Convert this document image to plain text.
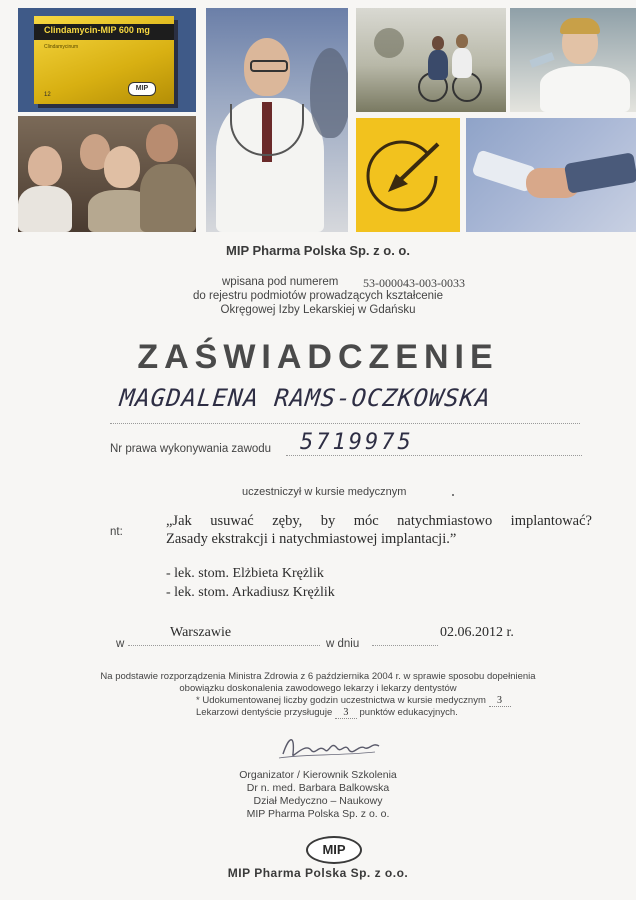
Clindamycin-MIP 600 mg
Clindamycinum
12
MIP
MIP Pharma Polska Sp. z o. o.
wpisana pod numerem 53-000043-003-0033
do rejestru podmiotów prowadzących kształcenie
Okręgowej Izby Lekarskiej w Gdańsku
ZAŚWIADCZENIE
MAGDALENA RAMS-OCZKOWSKA
Nr prawa wykonywania zawodu 5719975
uczestniczył w kursie medycznym
nt:
„Jak usuwać zęby, by móc natychmiastowo implantować?
Zasady ekstrakcji i natychmiastowej implantacji.”
- lek. stom. Elżbieta Krężlik
- lek. stom. Arkadiusz Krężlik
w
Warszawie
w dniu
02.06.2012 r.
Na podstawie rozporządzenia Ministra Zdrowia z 6 października 2004 r. w sprawie sposobu dopełnienia
obowiązku doskonalenia zawodowego lekarzy i lekarzy dentystów
* Udokumentowanej liczby godzin uczestnictwa w kursie medycznym 3
Lekarzowi dentyście przysługuje 3 punktów edukacyjnych.
Organizator / Kierownik Szkolenia
Dr n. med. Barbara Balkowska
Dział Medyczno – Naukowy
MIP Pharma Polska Sp. z o. o.
MIP
MIP Pharma Polska Sp. z o.o.
